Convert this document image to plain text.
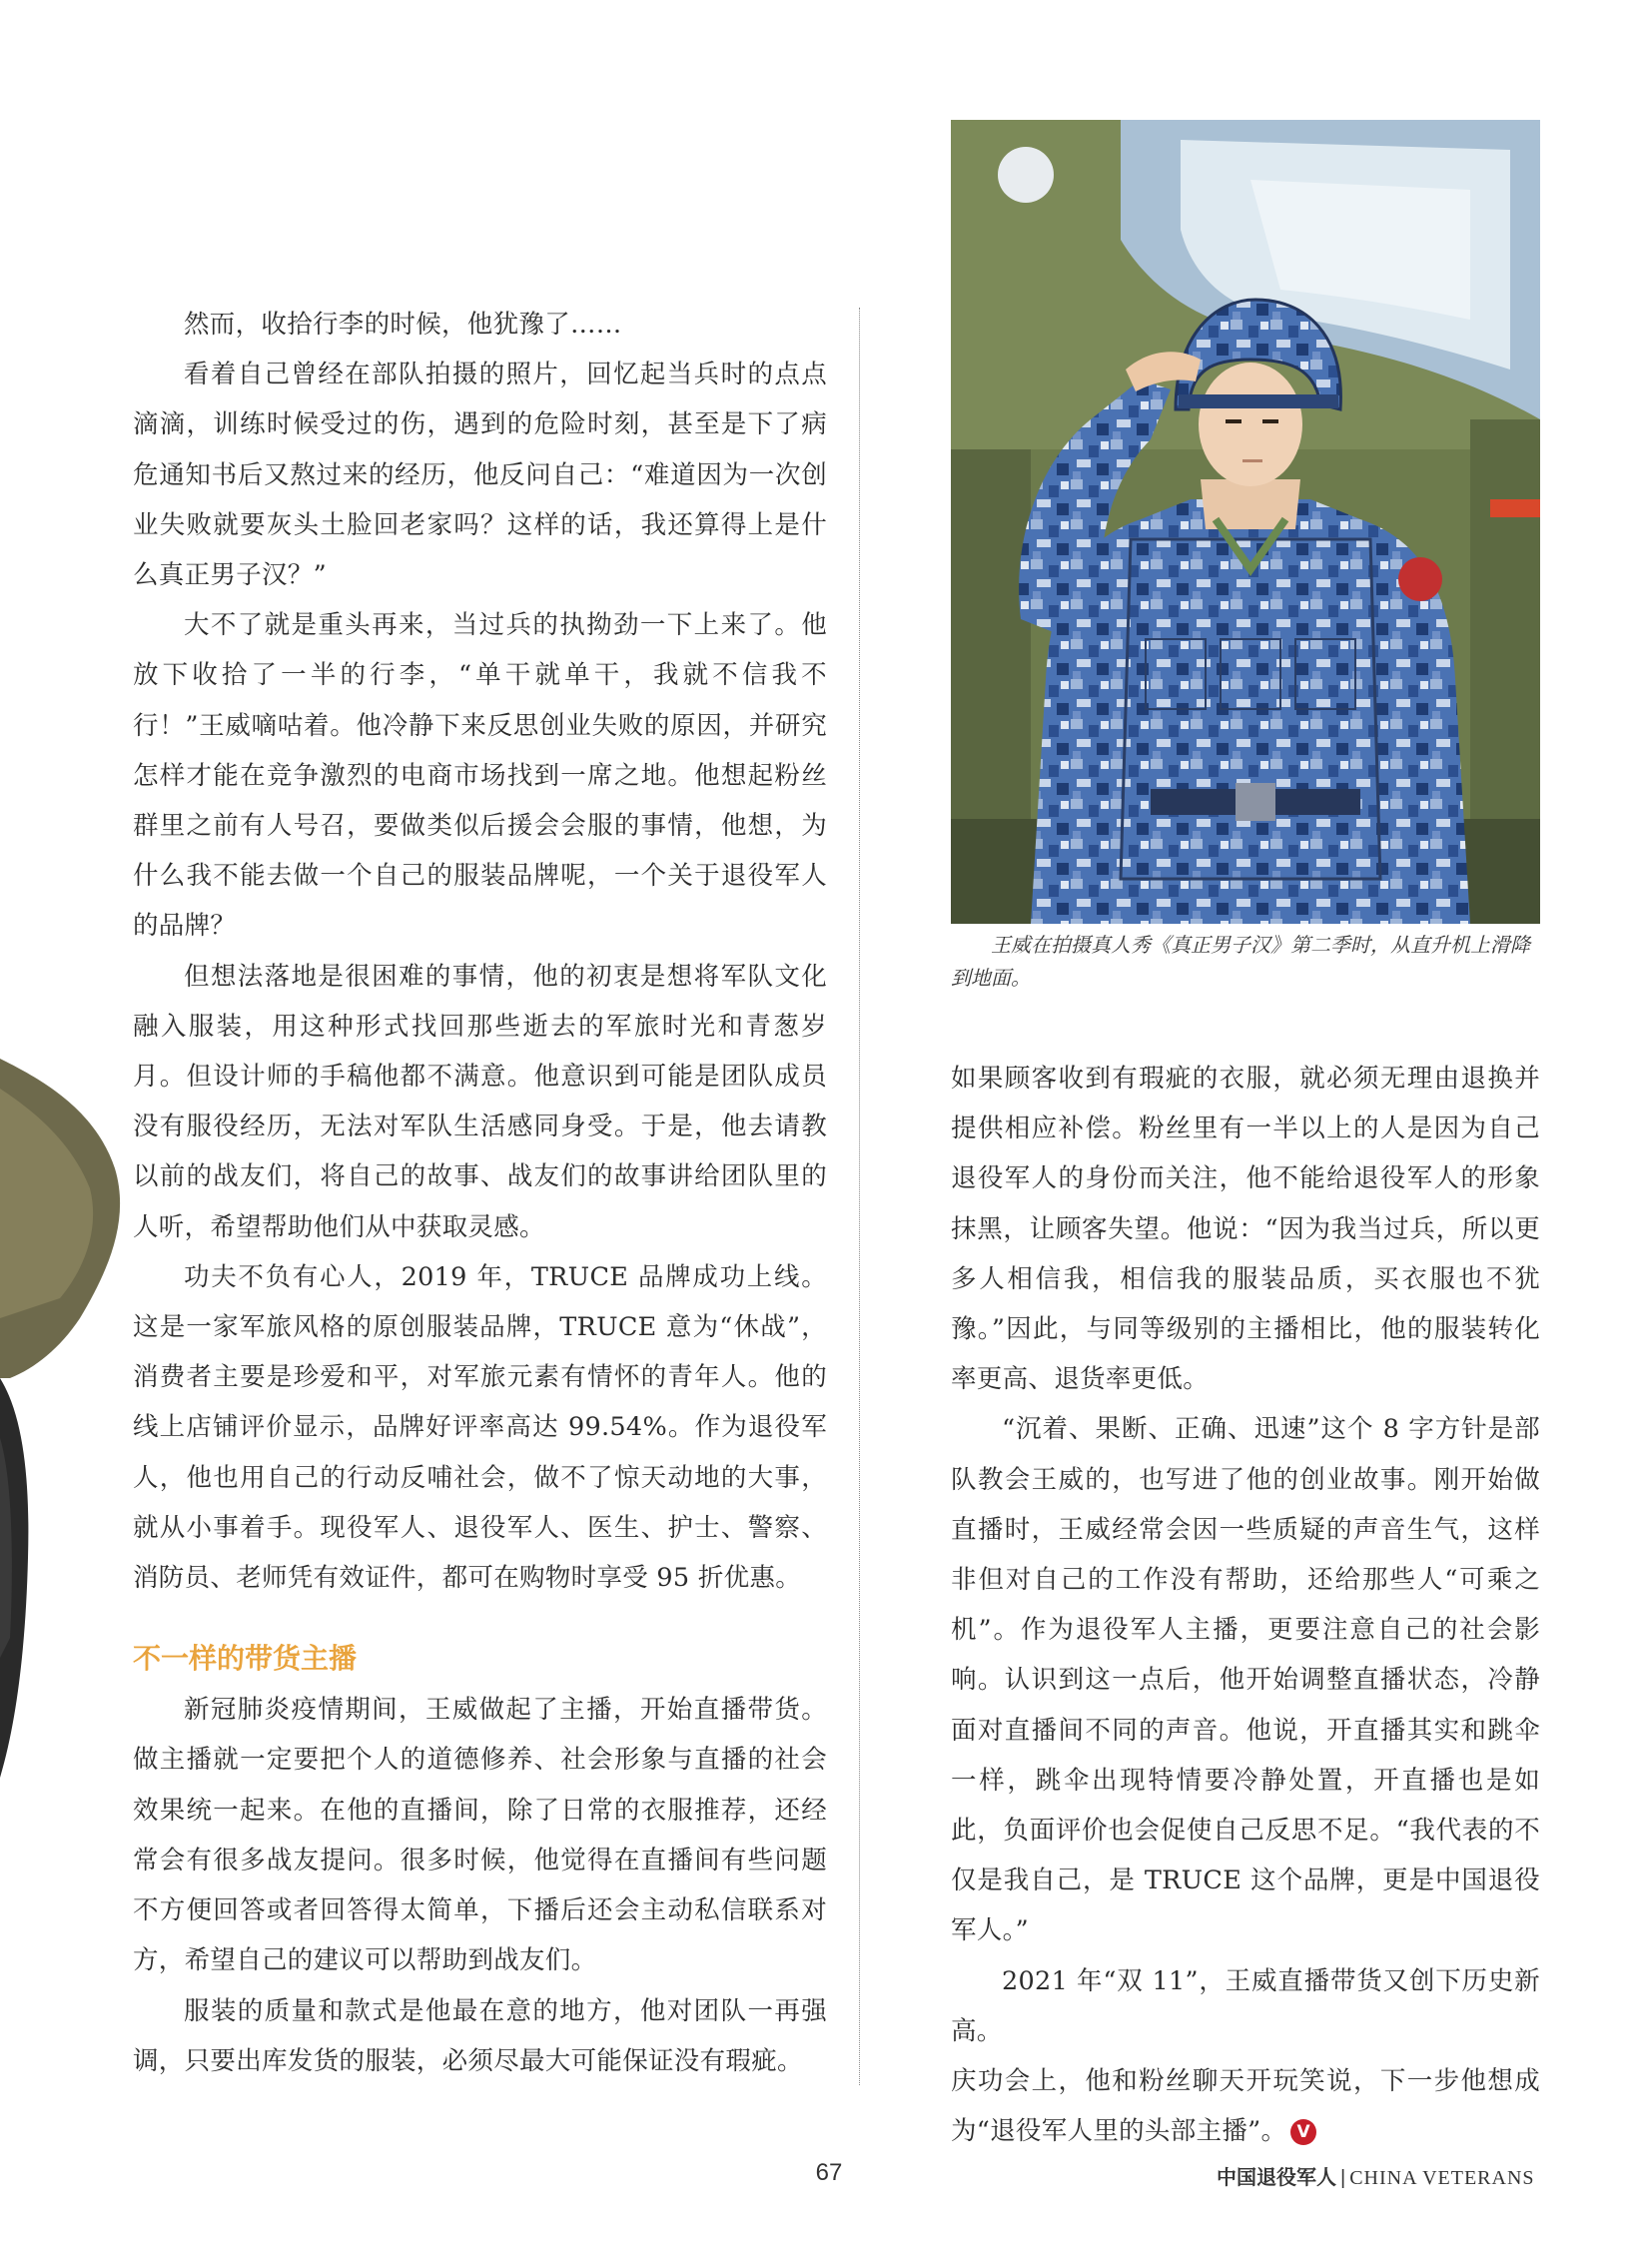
然而，收拾行李的时候，他犹豫了……

看着自己曾经在部队拍摄的照片，回忆起当兵时的点点滴滴，训练时候受过的伤，遇到的危险时刻，甚至是下了病危通知书后又熬过来的经历，他反问自己：“难道因为一次创业失败就要灰头土脸回老家吗？这样的话，我还算得上是什么真正男子汉？”

大不了就是重头再来，当过兵的执拗劲一下上来了。他放下收拾了一半的行李，“单干就单干，我就不信我不行！”王威嘀咕着。他冷静下来反思创业失败的原因，并研究怎样才能在竞争激烈的电商市场找到一席之地。他想起粉丝群里之前有人号召，要做类似后援会会服的事情，他想，为什么我不能去做一个自己的服装品牌呢，一个关于退役军人的品牌？

但想法落地是很困难的事情，他的初衷是想将军队文化融入服装，用这种形式找回那些逝去的军旅时光和青葱岁月。但设计师的手稿他都不满意。他意识到可能是团队成员没有服役经历，无法对军队生活感同身受。于是，他去请教以前的战友们，将自己的故事、战友们的故事讲给团队里的人听，希望帮助他们从中获取灵感。

功夫不负有心人，2019 年，TRUCE 品牌成功上线。这是一家军旅风格的原创服装品牌，TRUCE 意为“休战”，消费者主要是珍爱和平，对军旅元素有情怀的青年人。他的线上店铺评价显示，品牌好评率高达 99.54%。作为退役军人，他也用自己的行动反哺社会，做不了惊天动地的大事，就从小事着手。现役军人、退役军人、医生、护士、警察、消防员、老师凭有效证件，都可在购物时享受 95 折优惠。

不一样的带货主播

新冠肺炎疫情期间，王威做起了主播，开始直播带货。做主播就一定要把个人的道德修养、社会形象与直播的社会效果统一起来。在他的直播间，除了日常的衣服推荐，还经常会有很多战友提问。很多时候，他觉得在直播间有些问题不方便回答或者回答得太简单，下播后还会主动私信联系对方，希望自己的建议可以帮助到战友们。

服装的质量和款式是他最在意的地方，他对团队一再强调，只要出库发货的服装，必须尽最大可能保证没有瑕疵。

王威在拍摄真人秀《真正男子汉》第二季时，从直升机上滑降到地面。

如果顾客收到有瑕疵的衣服，就必须无理由退换并提供相应补偿。粉丝里有一半以上的人是因为自己退役军人的身份而关注，他不能给退役军人的形象抹黑，让顾客失望。他说：“因为我当过兵，所以更多人相信我，相信我的服装品质，买衣服也不犹豫。”因此，与同等级别的主播相比，他的服装转化率更高、退货率更低。

“沉着、果断、正确、迅速”这个 8 字方针是部队教会王威的，也写进了他的创业故事。刚开始做直播时，王威经常会因一些质疑的声音生气，这样非但对自己的工作没有帮助，还给那些人“可乘之机”。作为退役军人主播，更要注意自己的社会影响。认识到这一点后，他开始调整直播状态，冷静面对直播间不同的声音。他说，开直播其实和跳伞一样，跳伞出现特情要冷静处置，开直播也是如此，负面评价也会促使自己反思不足。“我代表的不仅是我自己，是 TRUCE 这个品牌，更是中国退役军人。”

2021 年“双 11”，王威直播带货又创下历史新高。

庆功会上，他和粉丝聊天开玩笑说，下一步他想成为“退役军人里的头部主播”。 V

67	中国退役军人 | CHINA VETERANS
